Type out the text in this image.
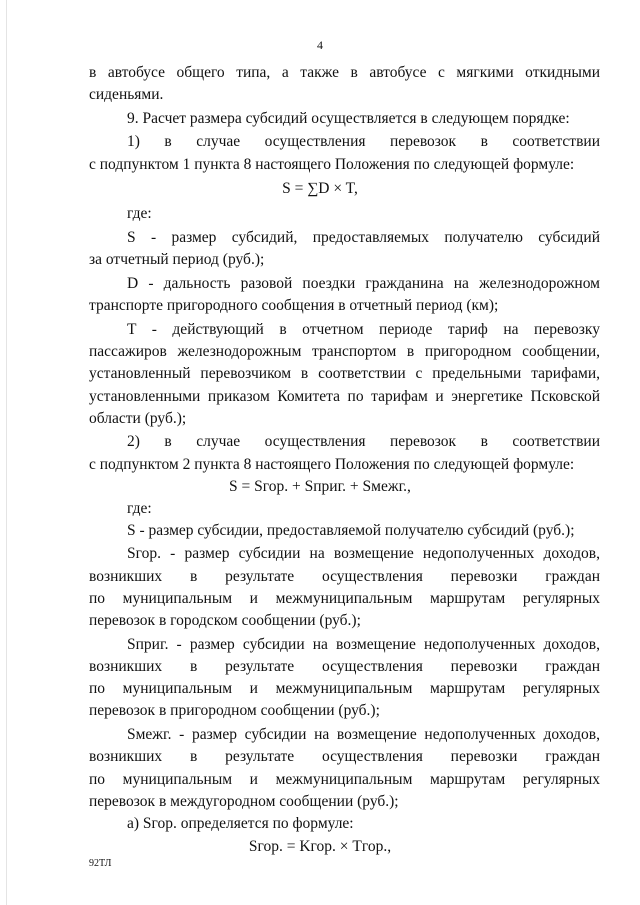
4
в автобусе общего типа, а также в автобусе с мягкими откидными
сиденьями.
9. Расчет размера субсидий осуществляется в следующем порядке:
1) в случае осуществления перевозок в соответствии
с подпунктом 1 пункта 8 настоящего Положения по следующей формуле:
S = ∑D × T,
где:
S - размер субсидий, предоставляемых получателю субсидий
за отчетный период (руб.);
D - дальность разовой поездки гражданина на железнодорожном
транспорте пригородного сообщения в отчетный период (км);
T - действующий в отчетном периоде тариф на перевозку
пассажиров железнодорожным транспортом в пригородном сообщении,
установленный перевозчиком в соответствии с предельными тарифами,
установленными приказом Комитета по тарифам и энергетике Псковской
области (руб.);
2) в случае осуществления перевозок в соответствии
с подпунктом 2 пункта 8 настоящего Положения по следующей формуле:
S = Sгор. + Sприг. + Sмежг.,
где:
S - размер субсидии, предоставляемой получателю субсидий (руб.);
Sгор. - размер субсидии на возмещение недополученных доходов,
возникших в результате осуществления перевозки граждан
по муниципальным и межмуниципальным маршрутам регулярных
перевозок в городском сообщении (руб.);
Sприг. - размер субсидии на возмещение недополученных доходов,
возникших в результате осуществления перевозки граждан
по муниципальным и межмуниципальным маршрутам регулярных
перевозок в пригородном сообщении (руб.);
Sмежг. - размер субсидии на возмещение недополученных доходов,
возникших в результате осуществления перевозки граждан
по муниципальным и межмуниципальным маршрутам регулярных
перевозок в междугородном сообщении (руб.);
а) Sгор. определяется по формуле:
Sгор. = Kгор. × Tгор.,
92ТЛ
